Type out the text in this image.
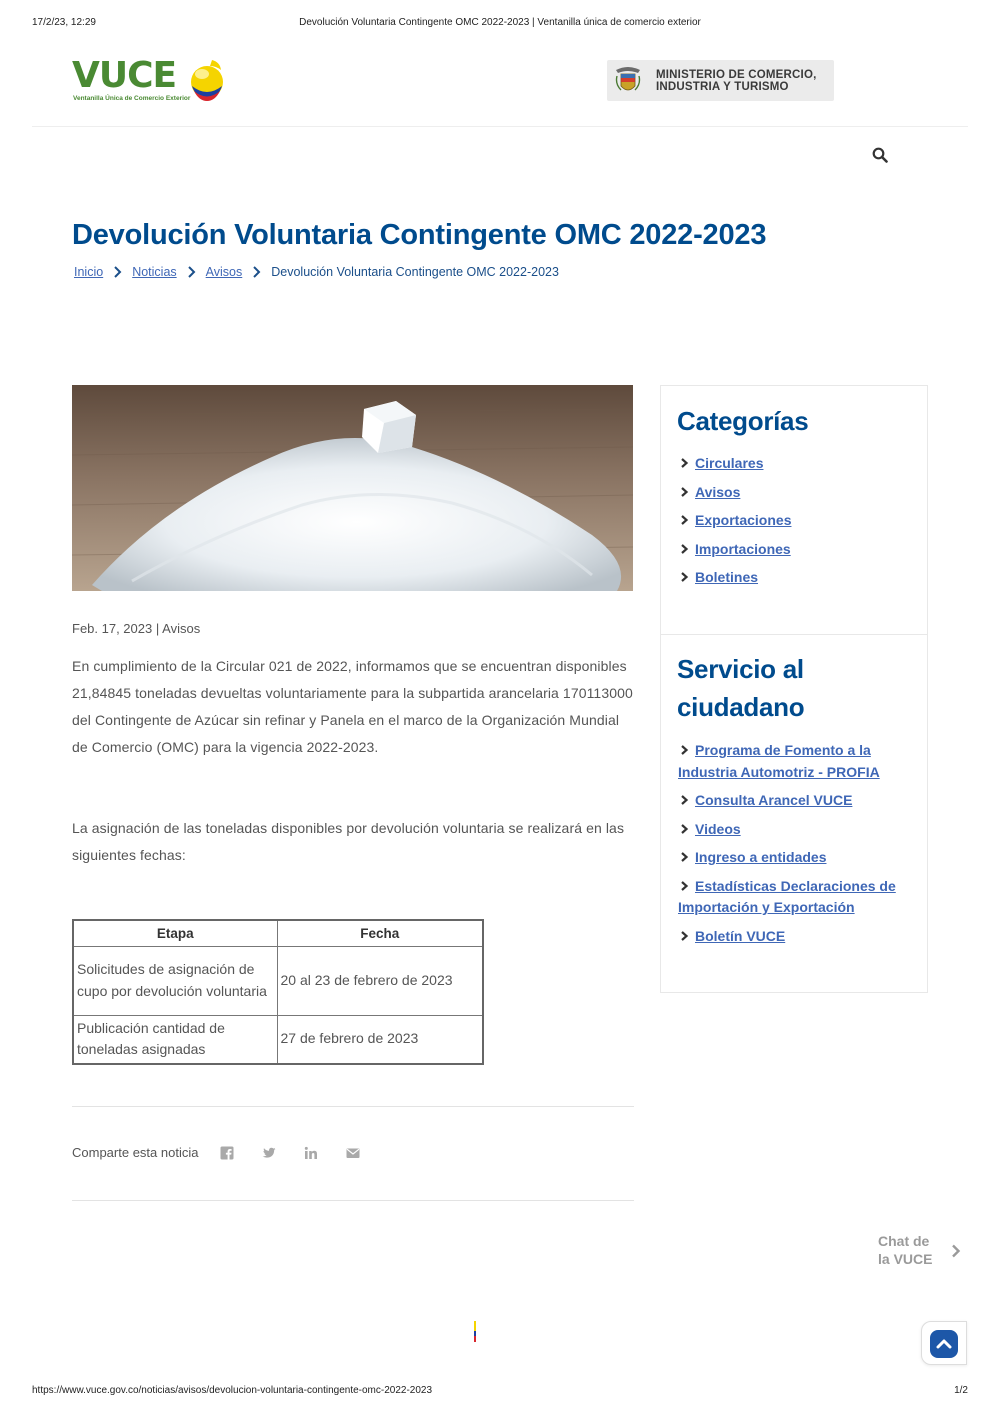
17/2/23, 12:29	Devolución Voluntaria Contingente OMC 2022-2023 | Ventanilla única de comercio exterior
VUCE
Ventanilla Única de Comercio Exterior
MINISTERIO DE COMERCIO,
INDUSTRIA Y TURISMO
Devolución Voluntaria Contingente OMC 2022-2023
Inicio Noticias Avisos Devolución Voluntaria Contingente OMC 2022-2023
Feb. 17, 2023 | Avisos

En cumplimiento de la Circular 021 de 2022, informamos que se encuentran disponibles 21,84845 toneladas devueltas voluntariamente para la subpartida arancelaria 170113000 del Contingente de Azúcar sin refinar y Panela en el marco de la Organización Mundial de Comercio (OMC) para la vigencia 2022-2023.

La asignación de las toneladas disponibles por devolución voluntaria se realizará en las siguientes fechas:

Etapa	Fecha
Solicitudes de asignación de cupo por devolución voluntaria	20 al 23 de febrero de 2023
Publicación cantidad de toneladas asignadas	27 de febrero de 2023
Comparte esta noticia
Categorías
Circulares
Avisos
Exportaciones
Importaciones
Boletines
Servicio al ciudadano
Programa de Fomento a la Industria Automotriz - PROFIA
Consulta Arancel VUCE
Videos
Ingreso a entidades
Estadísticas Declaraciones de Importación y Exportación
Boletín VUCE
Chat de
la VUCE
https://www.vuce.gov.co/noticias/avisos/devolucion-voluntaria-contingente-omc-2022-2023	1/2
